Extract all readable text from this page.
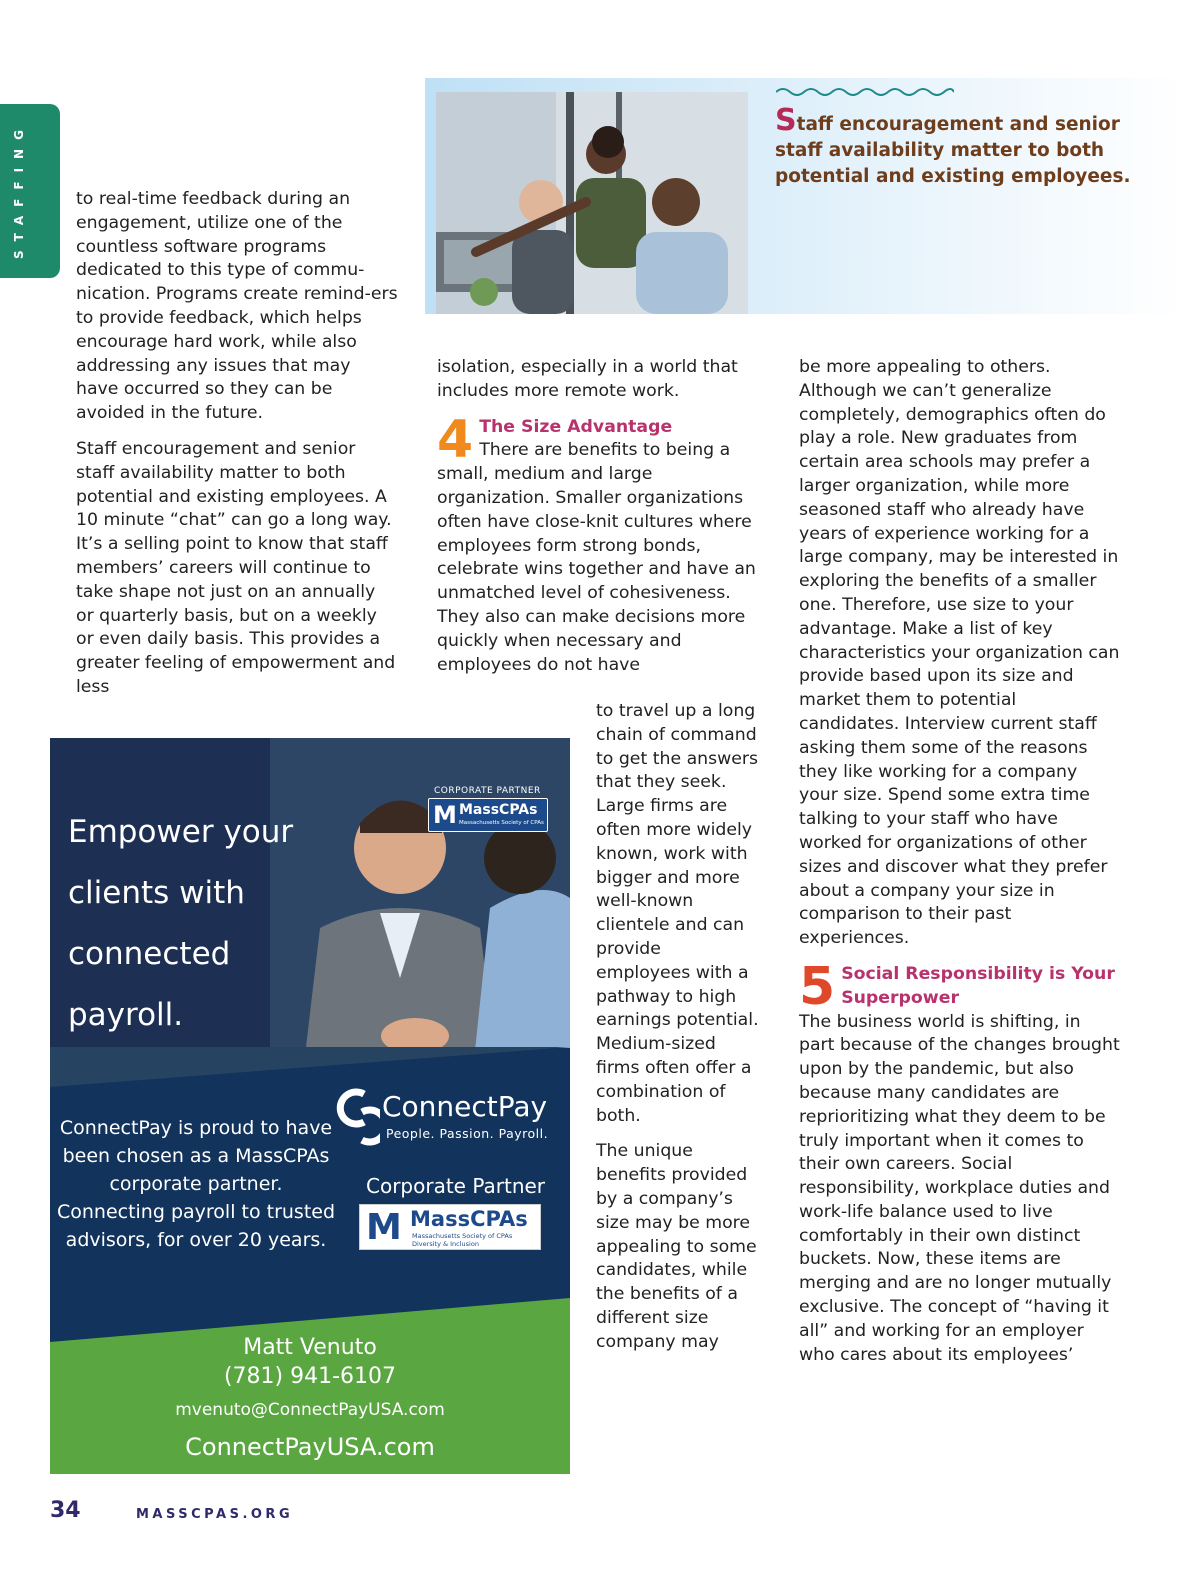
STAFFING	to real-time feedback during an engagement, utilize one of the countless software programs dedicated to this type of commu-nication. Programs create remind-ers to provide feedback, which helps encourage hard work, while also addressing any issues that may have occurred so they can be avoided in the future.

Staff encouragement and senior staff availability matter to both potential and existing employees. A 10 minute “chat” can go a long way. It’s a selling point to know that staff members’ careers will continue to take shape not just on an annually or quarterly basis, but on a weekly or even daily basis. This provides a greater feeling of empowerment and less

Staff encouragement and senior staff availability matter to both potential and existing employees.

isolation, especially in a world that includes more remote work.

4 The Size Advantage
There are benefits to being a small, medium and large organization. Smaller organizations often have close-knit cultures where employees form strong bonds, celebrate wins together and have an unmatched level of cohesiveness. They also can make decisions more quickly when necessary and employees do not have

to travel up a long chain of command to get the answers that they seek. Large firms are often more widely known, work with bigger and more well-known clientele and can provide employees with a pathway to high earnings potential. Medium-sized firms often offer a combination of both.

The unique benefits provided by a company’s size may be more appealing to some candidates, while the benefits of a different size company may

be more appealing to others. Although we can’t generalize completely, demographics often do play a role. New graduates from certain area schools may prefer a larger organization, while more seasoned staff who already have years of experience working for a large company, may be interested in exploring the benefits of a smaller one. Therefore, use size to your advantage. Make a list of key characteristics your organization can provide based upon its size and market them to potential candidates. Interview current staff asking them some of the reasons they like working for a company your size. Spend some extra time talking to your staff who have worked for organizations of other sizes and discover what they prefer about a company your size in comparison to their past experiences.

5 Social Responsibility is Your Superpower
The business world is shifting, in part because of the changes brought upon by the pandemic, but also because many candidates are reprioritizing what they deem to be truly important when it comes to their own careers. Social responsibility, workplace duties and work-life balance used to live comfortably in their own distinct buckets. Now, these items are merging and are no longer mutually exclusive. The concept of “having it all” and working for an employer who cares about its employees’

Empower your clients with connected payroll.
CORPORATE PARTNER
M MassCPAs
Massachusetts Society of CPAs
ConnectPay
People. Passion. Payroll.
ConnectPay is proud to have been chosen as a MassCPAs corporate partner. Connecting payroll to trusted advisors, for over 20 years.
Corporate Partner
M MassCPAs
Massachusetts Society of CPAs
Diversity & Inclusion
Matt Venuto
(781) 941-6107
mvenuto@ConnectPayUSA.com
ConnectPayUSA.com
34	MASSCPAS.ORG
